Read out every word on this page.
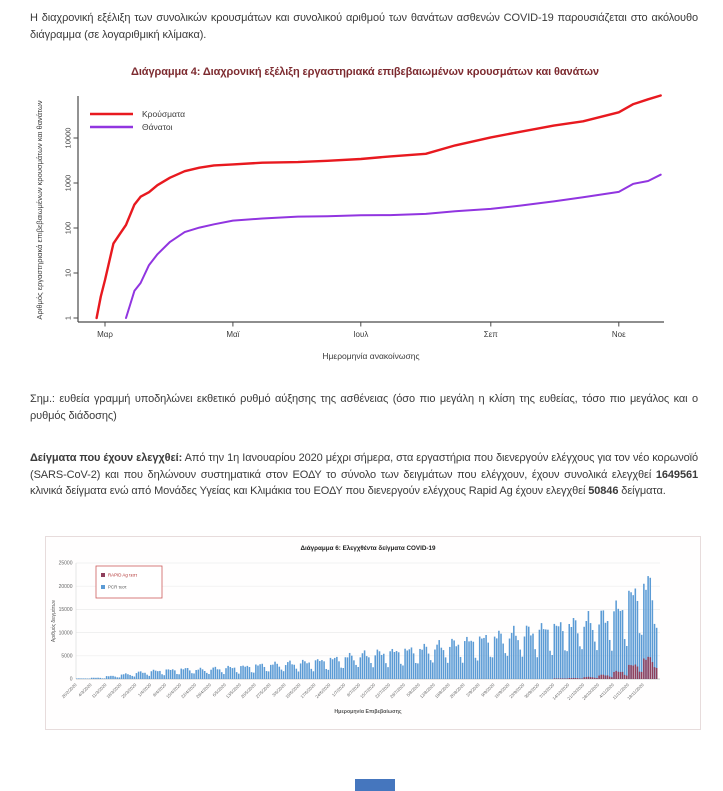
Η διαχρονική εξέλιξη των συνολικών κρουσμάτων και συνολικού αριθμού των θανάτων ασθενών COVID-19 παρουσιάζεται στο ακόλουθο διάγραμμα (σε λογαριθμική κλίμακα).

Διάγραμμα 4: Διαχρονική εξέλιξη εργαστηριακά επιβεβαιωμένων κρουσμάτων και θανάτων
1
10
100
1000
10000
Μαρ	Μαϊ	Ιουλ	Σεπ	Νοε
Ημερομηνία ανακοίνωσης
Αριθμός εργαστηριακά επιβεβαιωμένων κρουσμάτων και θανάτων	Κρούσματα
Θάνατοι

Σημ.: ευθεία γραμμή υποδηλώνει εκθετικό ρυθμό αύξησης της ασθένειας (όσο πιο μεγάλη η κλίση της ευθείας, τόσο πιο μεγάλος και ο ρυθμός διάδοσης)

Δείγματα που έχουν ελεγχθεί: Από την 1η Ιανουαρίου 2020 μέχρι σήμερα, στα εργαστήρια που διενεργούν ελέγχους για τον νέο κορωνοϊό (SARS-CoV-2) και που δηλώνουν συστηματικά στον ΕΟΔΥ το σύνολο των δειγμάτων που ελέγχουν, έχουν συνολικά ελεγχθεί 1649561 κλινικά δείγματα ενώ από Μονάδες Υγείας και Κλιμάκια του ΕΟΔΥ που διενεργούν ελέγχους Rapid Ag έχουν ελεγχθεί 50846 δείγματα.

Διάγραμμα 6: Ελεγχθέντα δείγματα COVID-19
0
5000
10000
15000
20000
25000
26/2/2020 4/3/2020
11/3/2020
18/3/2020
25/3/2020 1/4/2020 8/4/2020
15/4/2020
22/4/2020
29/4/2020 6/5/2020
13/5/2020
20/5/2020
27/5/2020 3/6/2020
10/6/2020
17/6/2020
24/6/2020 1/7/2020 8/7/2020
15/7/2020
22/7/2020
29/7/2020 5/8/2020
12/8/2020
19/8/2020
26/8/2020 2/9/2020 9/9/2020
16/9/2020
23/9/2020
30/9/2020
7/10/2020
14/10/2020
21/10/2020
28/10/2020
4/11/2020
11/11/2020
18/11/2020
Ημερομηνία Επιβεβαίωσης
Αριθμός δειγμάτων
RAPID Ag τεστ
PCR τεστ
